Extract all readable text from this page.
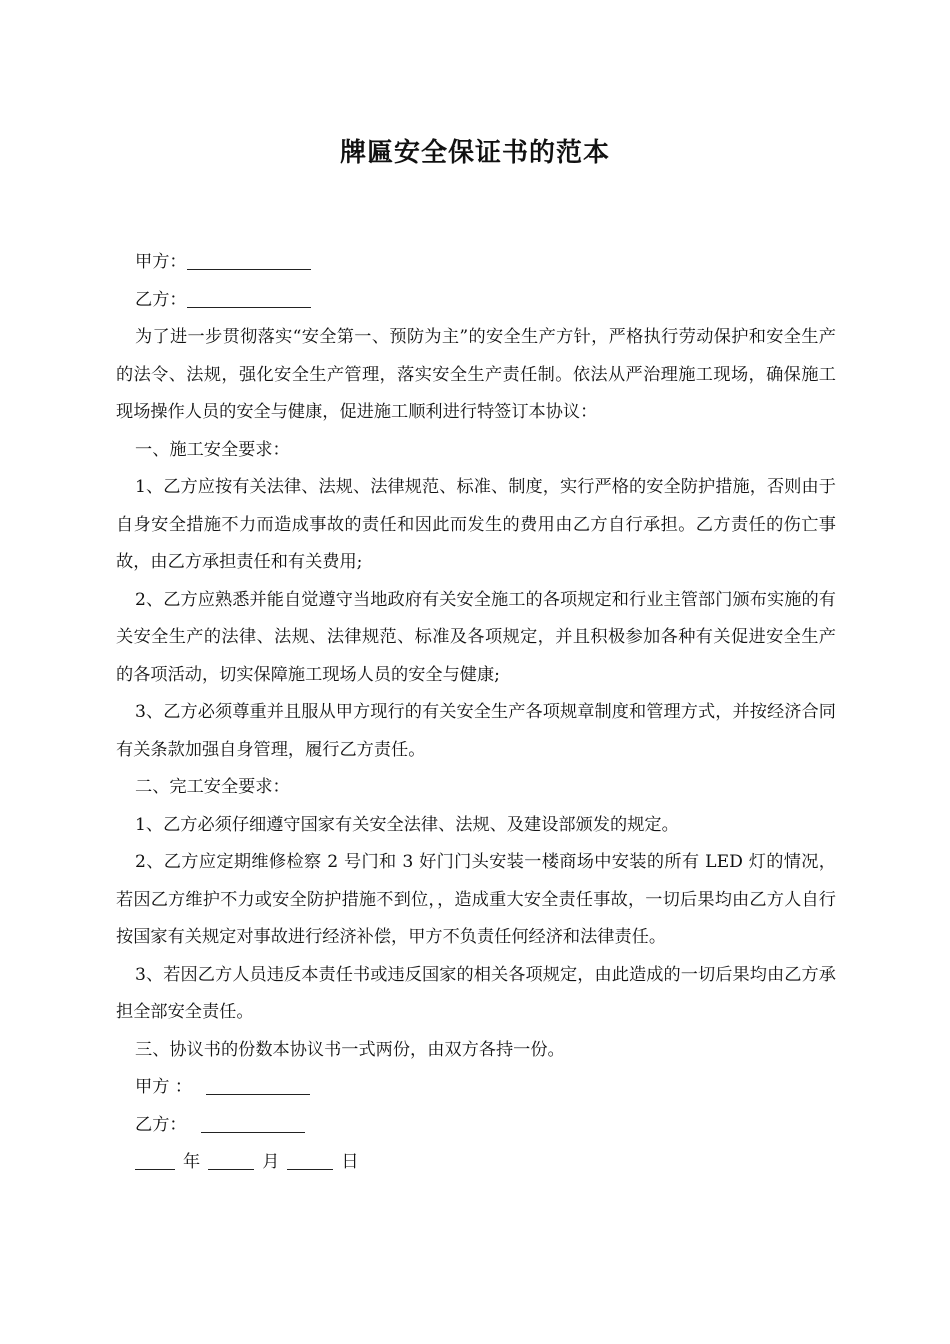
牌匾安全保证书的范本

甲方：

乙方：

为了进一步贯彻落实“安全第一、预防为主”的安全生产方针，严格执行劳动保护和安全生产的法令、法规，强化安全生产管理，落实安全生产责任制。依法从严治理施工现场，确保施工现场操作人员的安全与健康，促进施工顺利进行特签订本协议：

一、施工安全要求：

1、乙方应按有关法律、法规、法律规范、标准、制度，实行严格的安全防护措施，否则由于自身安全措施不力而造成事故的责任和因此而发生的费用由乙方自行承担。乙方责任的伤亡事故，由乙方承担责任和有关费用;

2、乙方应熟悉并能自觉遵守当地政府有关安全施工的各项规定和行业主管部门颁布实施的有关安全生产的法律、法规、法律规范、标准及各项规定，并且积极参加各种有关促进安全生产的各项活动，切实保障施工现场人员的安全与健康;

3、乙方必须尊重并且服从甲方现行的有关安全生产各项规章制度和管理方式，并按经济合同有关条款加强自身管理，履行乙方责任。

二、完工安全要求：

1、乙方必须仔细遵守国家有关安全法律、法规、及建设部颁发的规定。

2、乙方应定期维修检察 2 号门和 3 好门门头安装一楼商场中安装的所有 LED 灯的情况，若因乙方维护不力或安全防护措施不到位，，造成重大安全责任事故，一切后果均由乙方人自行按国家有关规定对事故进行经济补偿，甲方不负责任何经济和法律责任。

3、若因乙方人员违反本责任书或违反国家的相关各项规定，由此造成的一切后果均由乙方承担全部安全责任。

三、协议书的份数本协议书一式两份，由双方各持一份。

甲方 ：

乙方：

年	月	日
